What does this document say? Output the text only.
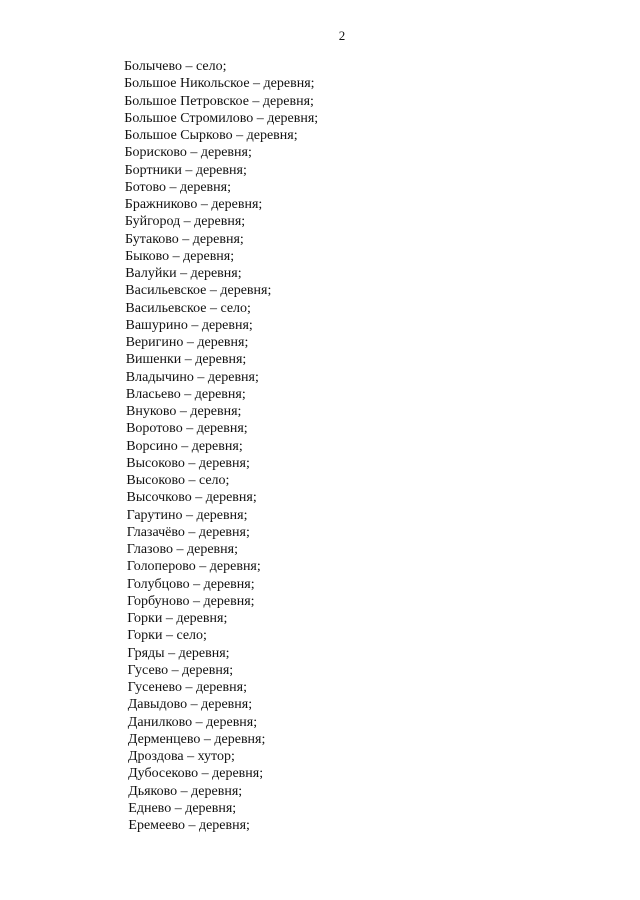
2
Болычево – село;
Большое Никольское – деревня;
Большое Петровское – деревня;
Большое Стромилово – деревня;
Большое Сырково – деревня;
Борисково – деревня;
Бортники – деревня;
Ботово – деревня;
Бражниково – деревня;
Буйгород – деревня;
Бутаково – деревня;
Быково – деревня;
Валуйки – деревня;
Васильевское – деревня;
Васильевское – село;
Вашурино – деревня;
Веригино – деревня;
Вишенки – деревня;
Владычино – деревня;
Власьево – деревня;
Внуково – деревня;
Воротово – деревня;
Ворсино – деревня;
Высоково – деревня;
Высоково – село;
Высочково – деревня;
Гарутино – деревня;
Глазачёво – деревня;
Глазово – деревня;
Голоперово – деревня;
Голубцово – деревня;
Горбуново – деревня;
Горки – деревня;
Горки – село;
Гряды – деревня;
Гусево – деревня;
Гусенево – деревня;
Давыдово – деревня;
Данилково – деревня;
Дерменцево – деревня;
Дроздова – хутор;
Дубосеково – деревня;
Дьяково – деревня;
Еднево – деревня;
Еремеево – деревня;
